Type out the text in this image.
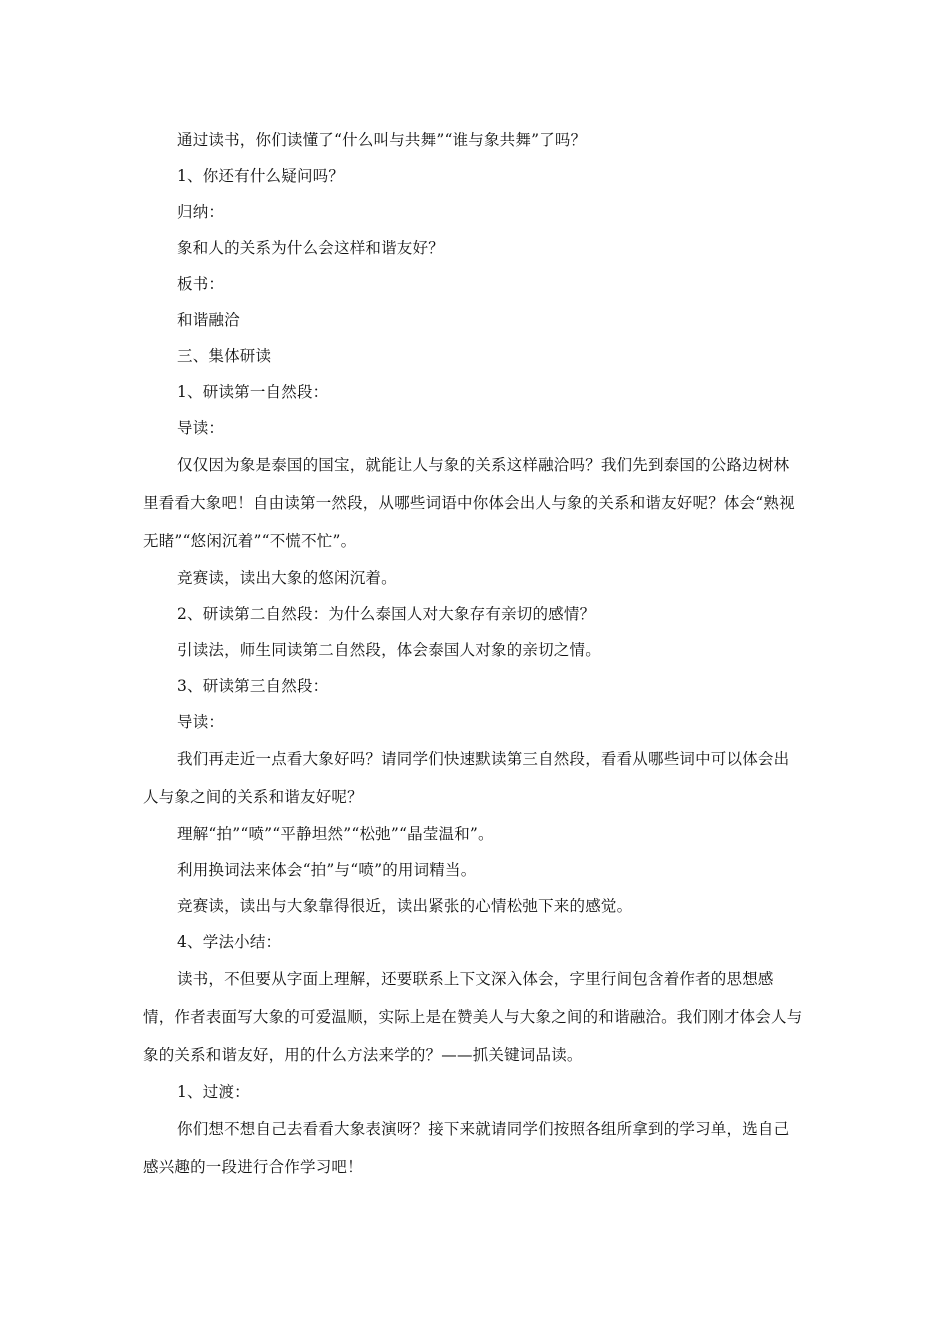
通过读书，你们读懂了“什么叫与共舞”“谁与象共舞”了吗？

1、你还有什么疑问吗？

归纳：

象和人的关系为什么会这样和谐友好？

板书：

和谐融洽

三、集体研读

1、研读第一自然段：

导读：

仅仅因为象是泰国的国宝，就能让人与象的关系这样融洽吗？我们先到泰国的公路边树林里看看大象吧！自由读第一然段，从哪些词语中你体会出人与象的关系和谐友好呢？体会“熟视无睹”“悠闲沉着”“不慌不忙”。

竞赛读，读出大象的悠闲沉着。

2、研读第二自然段：为什么泰国人对大象存有亲切的感情？

引读法，师生同读第二自然段，体会泰国人对象的亲切之情。

3、研读第三自然段：

导读：

我们再走近一点看大象好吗？请同学们快速默读第三自然段，看看从哪些词中可以体会出人与象之间的关系和谐友好呢？

理解“拍”“喷”“平静坦然”“松弛”“晶莹温和”。

利用换词法来体会“拍”与“喷”的用词精当。

竞赛读，读出与大象靠得很近，读出紧张的心情松弛下来的感觉。

4、学法小结：

读书，不但要从字面上理解，还要联系上下文深入体会，字里行间包含着作者的思想感情，作者表面写大象的可爱温顺，实际上是在赞美人与大象之间的和谐融洽。我们刚才体会人与象的关系和谐友好，用的什么方法来学的？——抓关键词品读。

1、过渡：

你们想不想自己去看看大象表演呀？接下来就请同学们按照各组所拿到的学习单，选自己感兴趣的一段进行合作学习吧！
